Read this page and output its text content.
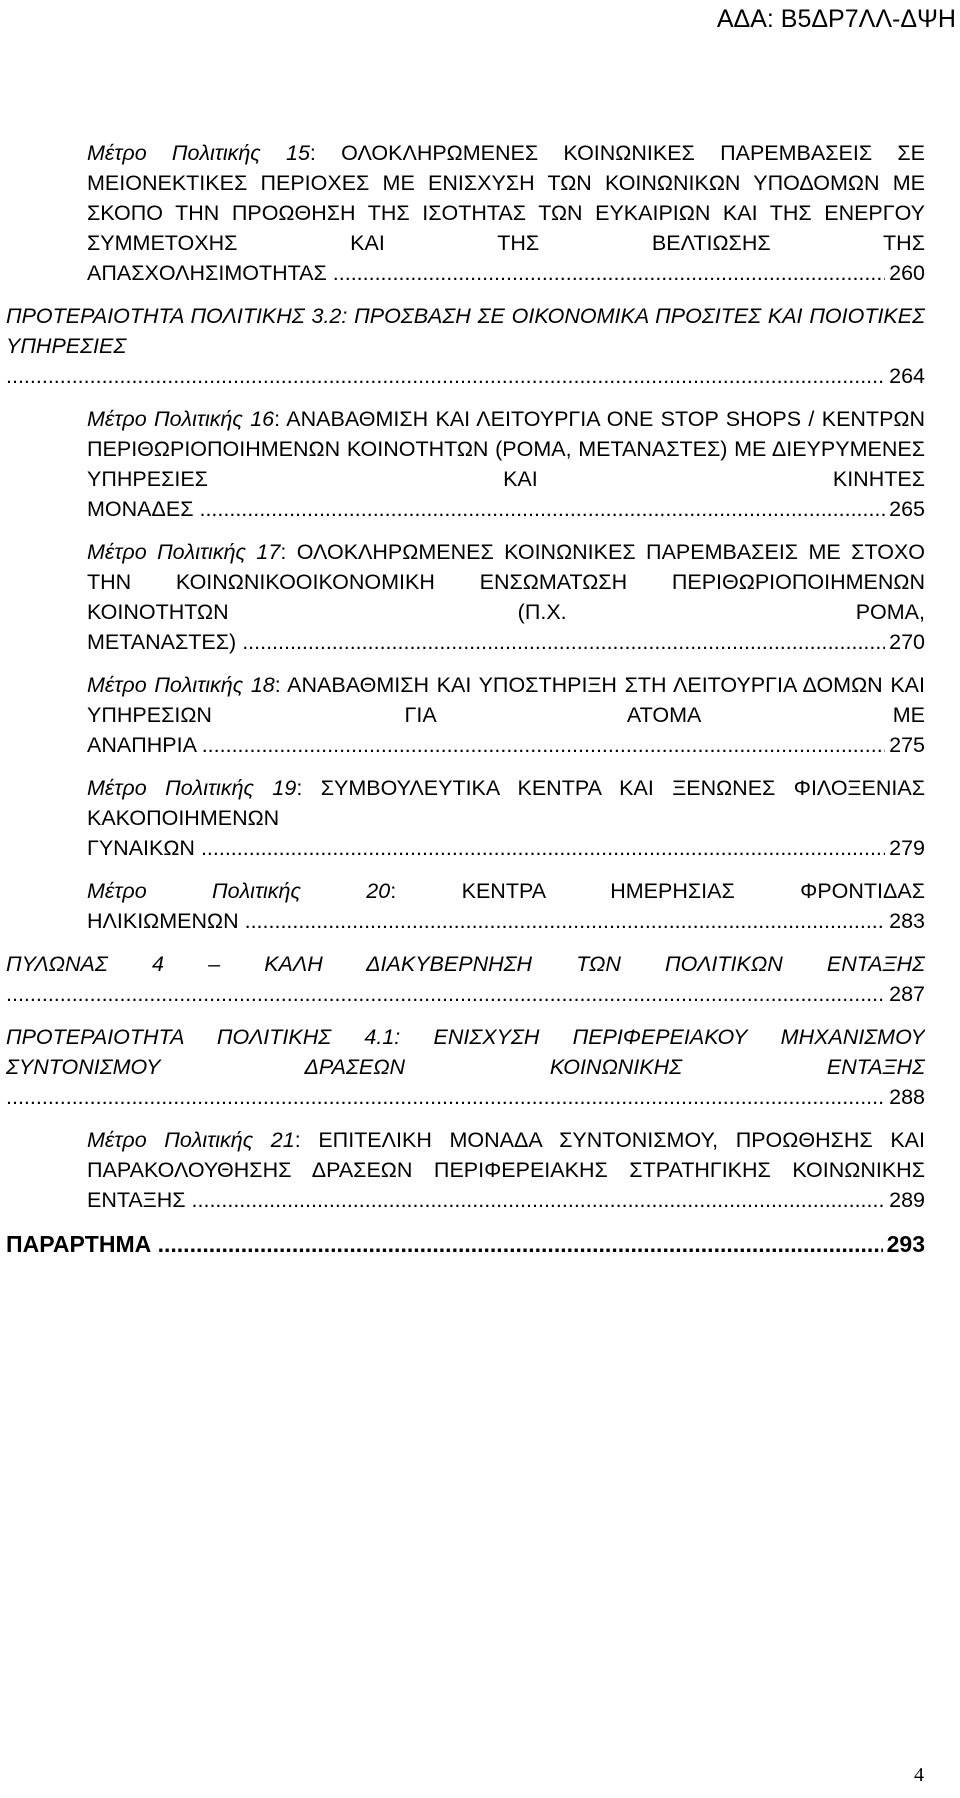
ΑΔΑ: Β5ΔΡ7ΛΛ-ΔΨΗ
Μέτρο Πολιτικής 15: ΟΛΟΚΛΗΡΩΜΕΝΕΣ ΚΟΙΝΩΝΙΚΕΣ ΠΑΡΕΜΒΑΣΕΙΣ ΣΕ ΜΕΙΟΝΕΚΤΙΚΕΣ ΠΕΡΙΟΧΕΣ ΜΕ ΕΝΙΣΧΥΣΗ ΤΩΝ ΚΟΙΝΩΝΙΚΩΝ ΥΠΟΔΟΜΩΝ ΜΕ ΣΚΟΠΟ ΤΗΝ ΠΡΟΩΘΗΣΗ ΤΗΣ ΙΣΟΤΗΤΑΣ ΤΩΝ ΕΥΚΑΙΡΙΩΝ ΚΑΙ ΤΗΣ ΕΝΕΡΓΟΥ ΣΥΜΜΕΤΟΧΗΣ ΚΑΙ ΤΗΣ ΒΕΛΤΙΩΣΗΣ ΤΗΣ ΑΠΑΣΧΟΛΗΣΙΜΟΤΗΤΑΣ .....	260
ΠΡΟΤΕΡΑΙΟΤΗΤΑ ΠΟΛΙΤΙΚΗΣ 3.2: ΠΡΟΣΒΑΣΗ ΣΕ ΟΙΚΟΝΟΜΙΚΑ ΠΡΟΣΙΤΕΣ ΚΑΙ ΠΟΙΟΤΙΚΕΣ ΥΠΗΡΕΣΙΕΣ .....
264
Μέτρο Πολιτικής 16: ΑΝΑΒΑΘΜΙΣΗ ΚΑΙ ΛΕΙΤΟΥΡΓΙΑ ONE STOP SHOPS / ΚΕΝΤΡΩΝ ΠΕΡΙΘΩΡΙΟΠΟΙΗΜΕΝΩΝ ΚΟΙΝΟΤΗΤΩΝ (ΡΟΜΑ, ΜΕΤΑΝΑΣΤΕΣ) ΜΕ ΔΙΕΥΡΥΜΕΝΕΣ ΥΠΗΡΕΣΙΕΣ ΚΑΙ ΚΙΝΗΤΕΣ ΜΟΝΑΔΕΣ .....	265
Μέτρο Πολιτικής 17: ΟΛΟΚΛΗΡΩΜΕΝΕΣ ΚΟΙΝΩΝΙΚΕΣ ΠΑΡΕΜΒΑΣΕΙΣ ΜΕ ΣΤΟΧΟ ΤΗΝ ΚΟΙΝΩΝΙΚΟΟΙΚΟΝΟΜΙΚΗ ΕΝΣΩΜΑΤΩΣΗ ΠΕΡΙΘΩΡΙΟΠΟΙΗΜΕΝΩΝ ΚΟΙΝΟΤΗΤΩΝ (Π.Χ. ΡΟΜΑ, ΜΕΤΑΝΑΣΤΕΣ) .....	270
Μέτρο Πολιτικής 18: ΑΝΑΒΑΘΜΙΣΗ ΚΑΙ ΥΠΟΣΤΗΡΙΞΗ ΣΤΗ ΛΕΙΤΟΥΡΓΙΑ ΔΟΜΩΝ ΚΑΙ ΥΠΗΡΕΣΙΩΝ ΓΙΑ ΑΤΟΜΑ ΜΕ ΑΝΑΠΗΡΙΑ .....	275
Μέτρο Πολιτικής 19: ΣΥΜΒΟΥΛΕΥΤΙΚΑ ΚΕΝΤΡΑ ΚΑΙ ΞΕΝΩΝΕΣ ΦΙΛΟΞΕΝΙΑΣ ΚΑΚΟΠΟΙΗΜΕΝΩΝ ΓΥΝΑΙΚΩΝ .....	279
Μέτρο Πολιτικής 20: ΚΕΝΤΡΑ ΗΜΕΡΗΣΙΑΣ ΦΡΟΝΤΙΔΑΣ ΗΛΙΚΙΩΜΕΝΩΝ .....	283
ΠΥΛΩΝΑΣ 4 – ΚΑΛΗ ΔΙΑΚΥΒΕΡΝΗΣΗ ΤΩΝ ΠΟΛΙΤΙΚΩΝ ΕΝΤΑΞΗΣ .....
287
ΠΡΟΤΕΡΑΙΟΤΗΤΑ ΠΟΛΙΤΙΚΗΣ 4.1: ΕΝΙΣΧΥΣΗ ΠΕΡΙΦΕΡΕΙΑΚΟΥ ΜΗΧΑΝΙΣΜΟΥ ΣΥΝΤΟΝΙΣΜΟΥ ΔΡΑΣΕΩΝ ΚΟΙΝΩΝΙΚΗΣ ΕΝΤΑΞΗΣ .....
288
Μέτρο Πολιτικής 21: ΕΠΙΤΕΛΙΚΗ ΜΟΝΑΔΑ ΣΥΝΤΟΝΙΣΜΟΥ, ΠΡΟΩΘΗΣΗΣ ΚΑΙ ΠΑΡΑΚΟΛΟΥΘΗΣΗΣ ΔΡΑΣΕΩΝ ΠΕΡΙΦΕΡΕΙΑΚΗΣ ΣΤΡΑΤΗΓΙΚΗΣ ΚΟΙΝΩΝΙΚΗΣ ΕΝΤΑΞΗΣ .....	289
ΠΑΡΑΡΤΗΜΑ .....	293
4
